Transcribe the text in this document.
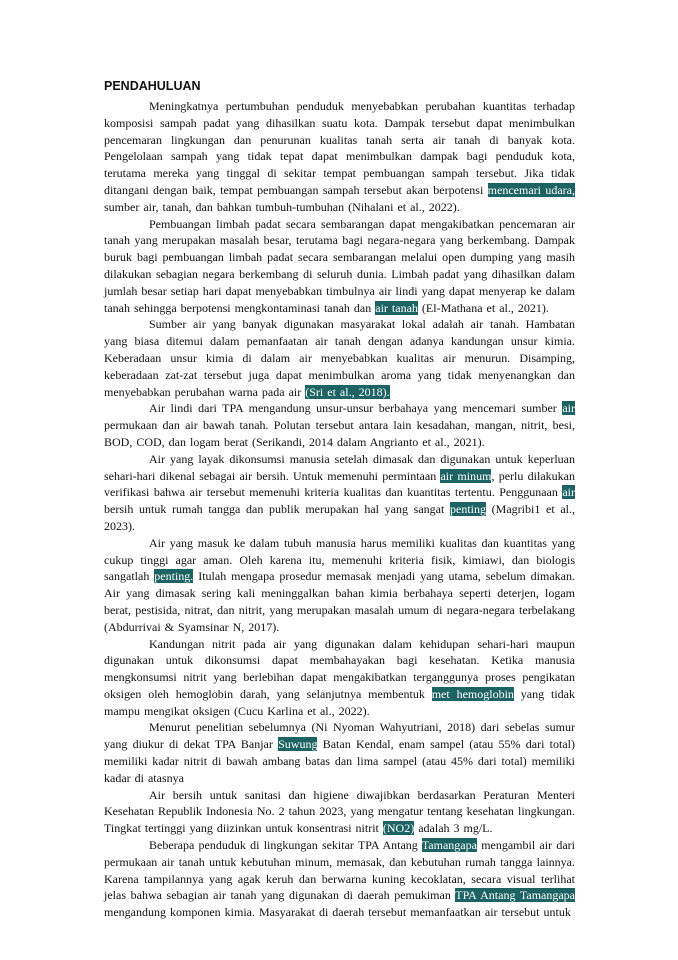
PENDAHULUAN

Meningkatnya pertumbuhan penduduk menyebabkan perubahan kuantitas terhadap komposisi sampah padat yang dihasilkan suatu kota. Dampak tersebut dapat menimbulkan pencemaran lingkungan dan penurunan kualitas tanah serta air tanah di banyak kota. Pengelolaan sampah yang tidak tepat dapat menimbulkan dampak bagi penduduk kota, terutama mereka yang tinggal di sekitar tempat pembuangan sampah tersebut. Jika tidak ditangani dengan baik, tempat pembuangan sampah tersebut akan berpotensi mencemari udara, sumber air, tanah, dan bahkan tumbuh-tumbuhan (Nihalani et al., 2022).

Pembuangan limbah padat secara sembarangan dapat mengakibatkan pencemaran air tanah yang merupakan masalah besar, terutama bagi negara-negara yang berkembang. Dampak buruk bagi pembuangan limbah padat secara sembarangan melalui open dumping yang masih dilakukan sebagian negara berkembang di seluruh dunia. Limbah padat yang dihasilkan dalam jumlah besar setiap hari dapat menyebabkan timbulnya air lindi yang dapat menyerap ke dalam tanah sehingga berpotensi mengkontaminasi tanah dan air tanah (El-Mathana et al., 2021).

Sumber air yang banyak digunakan masyarakat lokal adalah air tanah. Hambatan yang biasa ditemui dalam pemanfaatan air tanah dengan adanya kandungan unsur kimia. Keberadaan unsur kimia di dalam air menyebabkan kualitas air menurun. Disamping, keberadaan zat-zat tersebut juga dapat menimbulkan aroma yang tidak menyenangkan dan menyebabkan perubahan warna pada air (Sri et al., 2018).

Air lindi dari TPA mengandung unsur-unsur berbahaya yang mencemari sumber air permukaan dan air bawah tanah. Polutan tersebut antara lain kesadahan, mangan, nitrit, besi, BOD, COD, dan logam berat (Serikandi, 2014 dalam Angrianto et al., 2021).

Air yang layak dikonsumsi manusia setelah dimasak dan digunakan untuk keperluan sehari-hari dikenal sebagai air bersih. Untuk memenuhi permintaan air minum, perlu dilakukan verifikasi bahwa air tersebut memenuhi kriteria kualitas dan kuantitas tertentu. Penggunaan air bersih untuk rumah tangga dan publik merupakan hal yang sangat penting (Magribi1 et al., 2023).

Air yang masuk ke dalam tubuh manusia harus memiliki kualitas dan kuantitas yang cukup tinggi agar aman. Oleh karena itu, memenuhi kriteria fisik, kimiawi, dan biologis sangatlah penting. Itulah mengapa prosedur memasak menjadi yang utama, sebelum dimakan. Air yang dimasak sering kali meninggalkan bahan kimia berbahaya seperti deterjen, logam berat, pestisida, nitrat, dan nitrit, yang merupakan masalah umum di negara-negara terbelakang (Abdurrivai & Syamsinar N, 2017).

Kandungan nitrit pada air yang digunakan dalam kehidupan sehari-hari maupun digunakan untuk dikonsumsi dapat membahayakan bagi kesehatan. Ketika manusia mengkonsumsi nitrit yang berlebihan dapat mengakibatkan terganggunya proses pengikatan oksigen oleh hemoglobin darah, yang selanjutnya membentuk met hemoglobin yang tidak mampu mengikat oksigen (Cucu Karlina et al., 2022).

Menurut penelitian sebelumnya (Ni Nyoman Wahyutriani, 2018) dari sebelas sumur yang diukur di dekat TPA Banjar Suwung Batan Kendal, enam sampel (atau 55% dari total) memiliki kadar nitrit di bawah ambang batas dan lima sampel (atau 45% dari total) memiliki kadar di atasnya

Air bersih untuk sanitasi dan higiene diwajibkan berdasarkan Peraturan Menteri Kesehatan Republik Indonesia No. 2 tahun 2023, yang mengatur tentang kesehatan lingkungan. Tingkat tertinggi yang diizinkan untuk konsentrasi nitrit (NO2) adalah 3 mg/L.

Beberapa penduduk di lingkungan sekitar TPA Antang Tamangapa mengambil air dari permukaan air tanah untuk kebutuhan minum, memasak, dan kebutuhan rumah tangga lainnya. Karena tampilannya yang agak keruh dan berwarna kuning kecoklatan, secara visual terlihat jelas bahwa sebagian air tanah yang digunakan di daerah pemukiman TPA Antang Tamangapa mengandung komponen kimia. Masyarakat di daerah tersebut memanfaatkan air tersebut untuk
